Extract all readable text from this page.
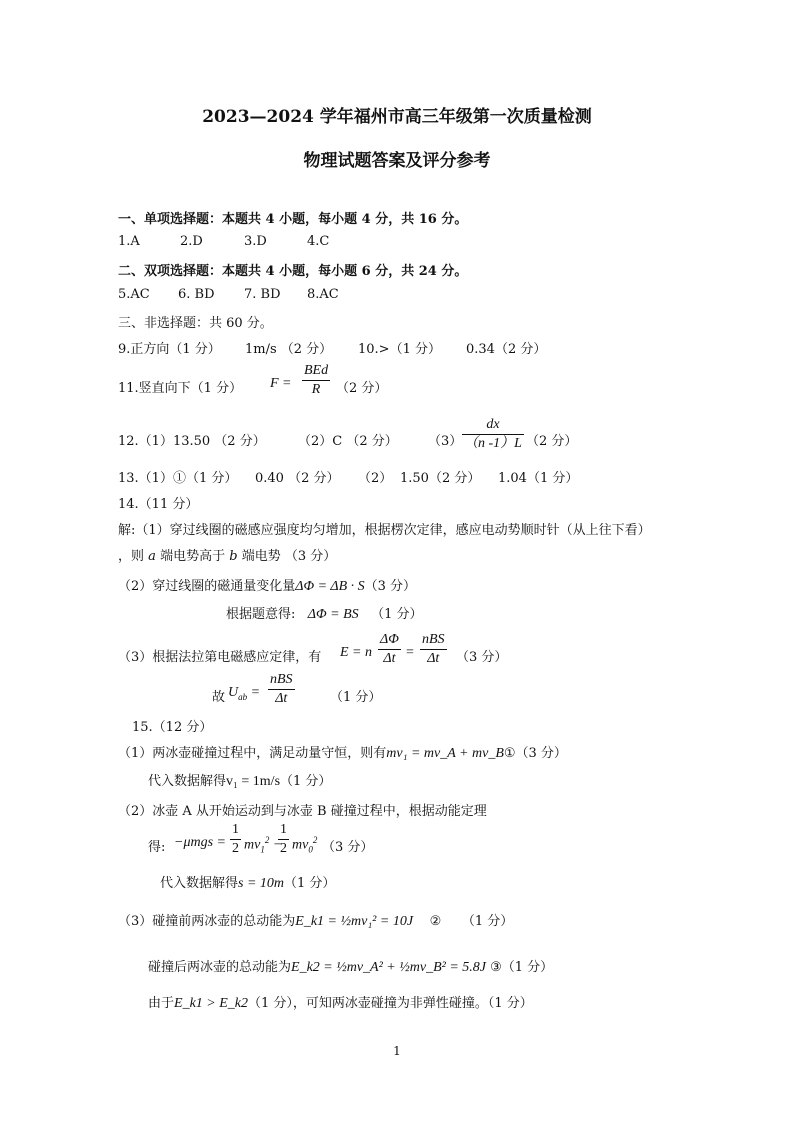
2023—2024 学年福州市高三年级第一次质量检测
物理试题答案及评分参考
一、单项选择题：本题共 4 小题，每小题 4 分，共 16 分。
1.A	2.D	3.D	4.C
二、双项选择题：本题共 4 小题，每小题 6 分，共 24 分。
5.AC 6. BD 7. BD 8.AC
三、非选择题：共 60 分。
9.正方向（1 分） 1m/s （2 分） 10.>（1 分） 0.34（2 分）
11.竖直向下（1 分） $F = \frac{\text{BEd}}{R} (2$ 分）
12.（1）13.50 （2 分） （2）C （2 分） $(3) \frac{dx}{(n -1)L} (2$ 分）
13.（1）①（1 分） 0.40 （2 分） （2） 1.50（2 分） 1.04（1 分）
14.（11 分）
解:（1）穿过线圈的磁感应强度均匀增加，根据楞次定律，感应电动势顺时针（从上往下看）
，则 a 端电势高于 b 端电势 （3 分）
（2）穿过线圈的磁通量变化量ΔΦ = ΔB · S（3 分）
根据题意得: ΔΦ = BS （1 分）
（3）根据法拉第电磁感应定律，有 E = n $\frac{\Delta\Phi}{\Delta t} = \frac{\text{nBS}}{\Delta t} (3$ 分）
故 $U_{ab} = \frac{\text{nBS}}{\Delta t}$	（1 分）
15.（12 分）
（1）两冰壶碰撞过程中，满足动量守恒，则有mv₁ = mv_A + mv_B①（3 分）
代入数据解得v₁ = 1m/s（1 分）
（2）冰壶 A 从开始运动到与冰壶 B 碰撞过程中，根据动能定理
得: $-\mu mgs = \frac{1}{2} mv_1^2$ −
$\frac{1}{2} mv_0^2$ （3 分）
代入数据解得s = 10m（1 分）
（3）碰撞前两冰壶的总动能为E_k1 = ½mv₁² = 10J ② （1 分）
碰撞后两冰壶的总动能为E_k2 = ½mv_A² + ½mv_B² = 5.8J ③（1 分）
由于E_k1 > E_k2（1 分），可知两冰壶碰撞为非弹性碰撞。（1 分）
1
